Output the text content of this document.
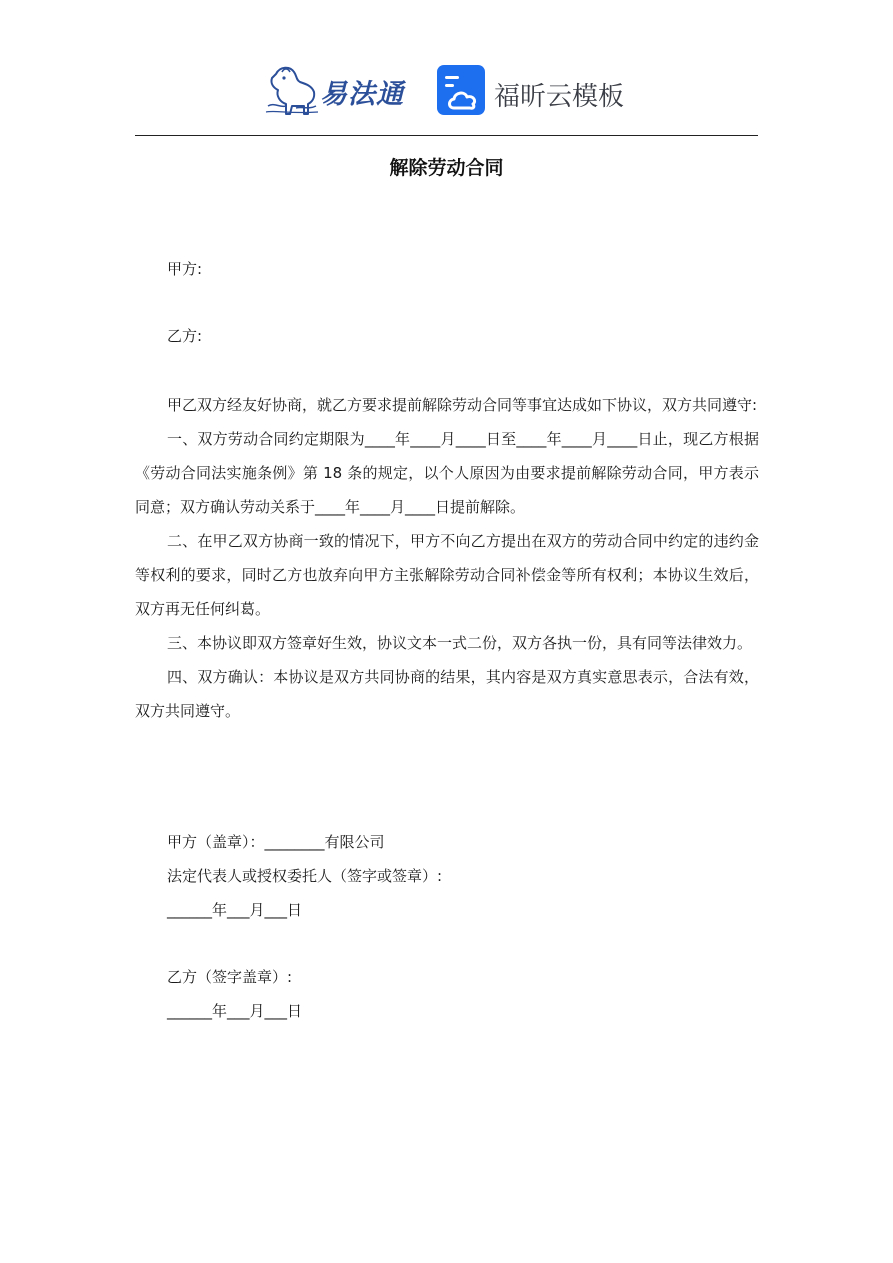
易法通	福昕云模板
解除劳动合同
甲方:
乙方:

甲乙双方经友好协商，就乙方要求提前解除劳动合同等事宜达成如下协议，双方共同遵守:

一、双方劳动合同约定期限为____年____月____日至____年____月____日止，现乙方根据《劳动合同法实施条例》第 18 条的规定，以个人原因为由要求提前解除劳动合同，甲方表示同意；双方确认劳动关系于____年____月____日提前解除。

二、在甲乙双方协商一致的情况下，甲方不向乙方提出在双方的劳动合同中约定的违约金等权利的要求，同时乙方也放弃向甲方主张解除劳动合同补偿金等所有权利；本协议生效后，双方再无任何纠葛。

三、本协议即双方签章好生效，协议文本一式二份，双方各执一份，具有同等法律效力。

四、双方确认：本协议是双方共同协商的结果，其内容是双方真实意思表示，合法有效，双方共同遵守。

甲方（盖章）：________有限公司
法定代表人或授权委托人（签字或签章）:
______年___月___日
乙方（签字盖章）:
______年___月___日
